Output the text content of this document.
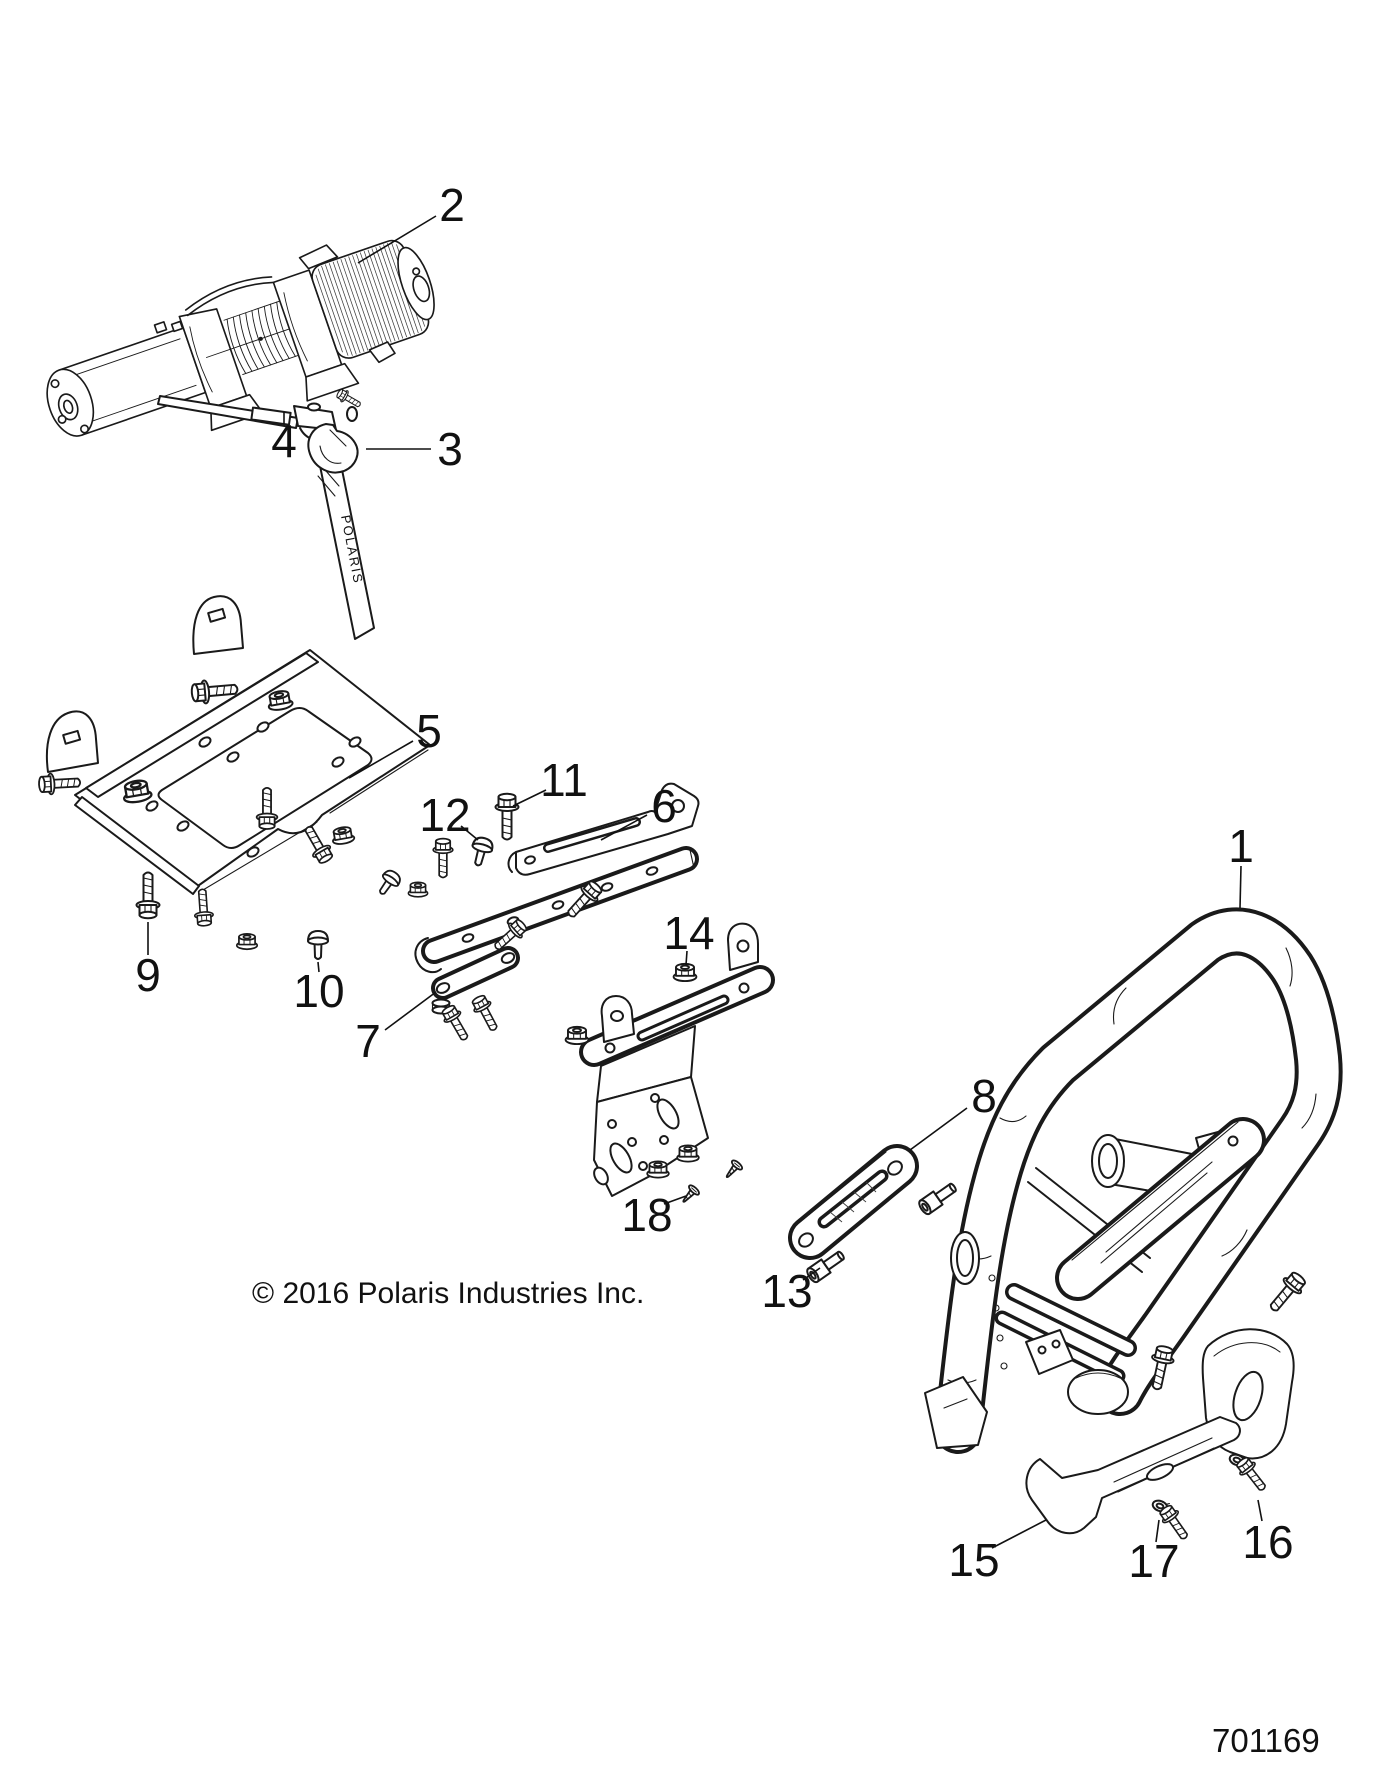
POLARIS
1
2
3
4
5
6
7
8
9	10
11
12
13
14
15	16
17
18
© 2016 Polaris Industries Inc.
701169
